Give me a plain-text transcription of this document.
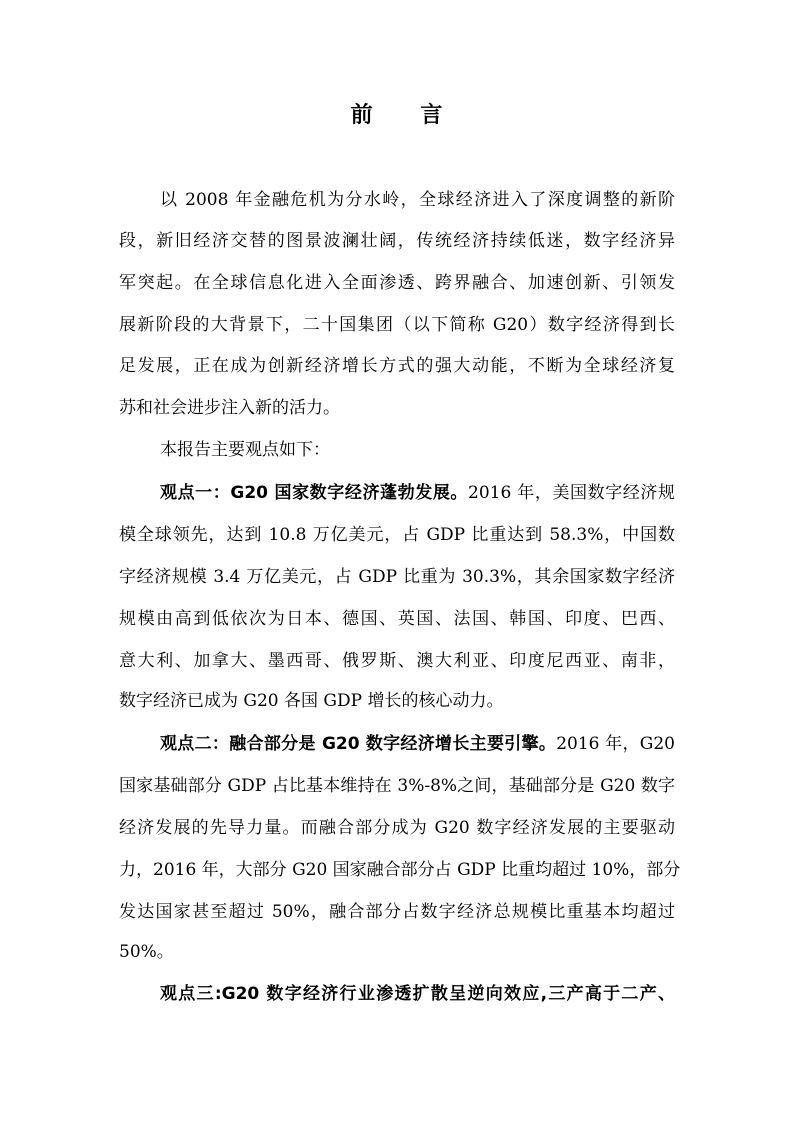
前 言
以 2008 年金融危机为分水岭，全球经济进入了深度调整的新阶
段，新旧经济交替的图景波澜壮阔，传统经济持续低迷，数字经济异
军突起。在全球信息化进入全面渗透、跨界融合、加速创新、引领发
展新阶段的大背景下，二十国集团（以下简称 G20）数字经济得到长
足发展，正在成为创新经济增长方式的强大动能，不断为全球经济复
苏和社会进步注入新的活力。
本报告主要观点如下：
观点一：G20 国家数字经济蓬勃发展。2016 年，美国数字经济规
模全球领先，达到 10.8 万亿美元，占 GDP 比重达到 58.3%，中国数
字经济规模 3.4 万亿美元，占 GDP 比重为 30.3%，其余国家数字经济
规模由高到低依次为日本、德国、英国、法国、韩国、印度、巴西、
意大利、加拿大、墨西哥、俄罗斯、澳大利亚、印度尼西亚、南非，
数字经济已成为 G20 各国 GDP 增长的核心动力。
观点二：融合部分是 G20 数字经济增长主要引擎。2016 年，G20
国家基础部分 GDP 占比基本维持在 3%-8%之间，基础部分是 G20 数字
经济发展的先导力量。而融合部分成为 G20 数字经济发展的主要驱动
力，2016 年，大部分 G20 国家融合部分占 GDP 比重均超过 10%，部分
发达国家甚至超过 50%，融合部分占数字经济总规模比重基本均超过
50%。
观点三:G20 数字经济行业渗透扩散呈逆向效应,三产高于二产、
